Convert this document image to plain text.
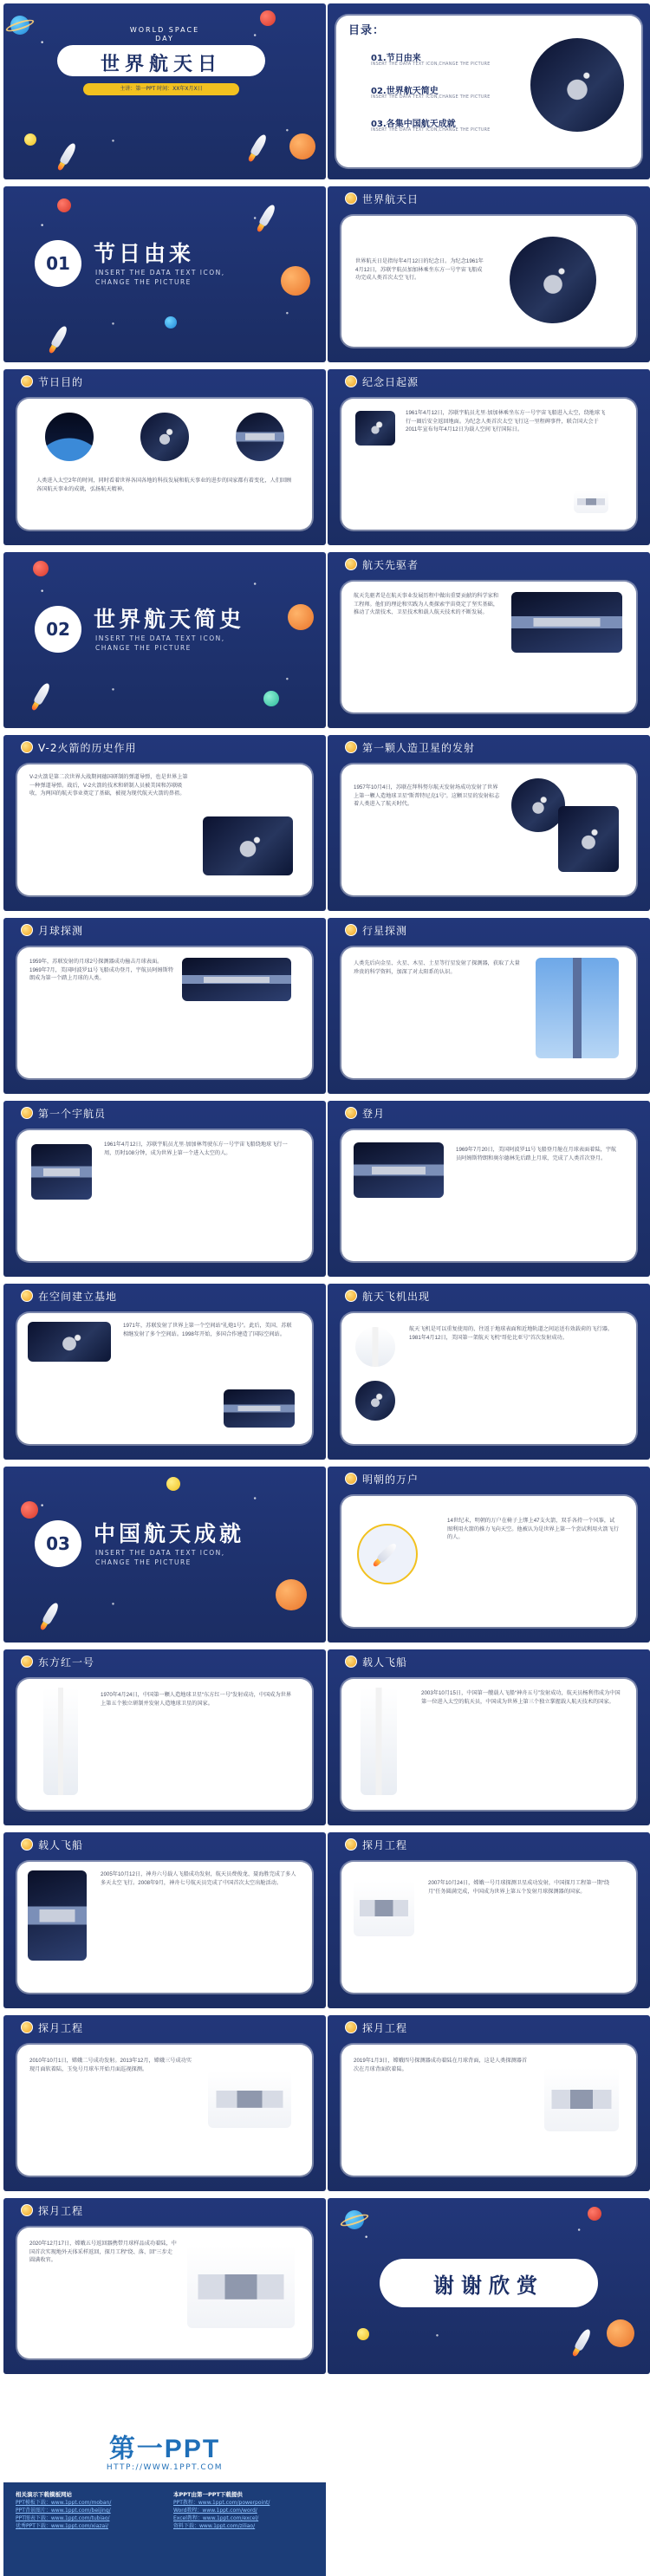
WORLD SPACE
DAY
世界航天日
主讲：第一PPT 时间：XX年X月X日
目录：
01.节日由来
INSERT THE DATA TEXT ICON,CHANGE THE PICTURE
02.世界航天简史
INSERT THE DATA TEXT ICON,CHANGE THE PICTURE
03.各集中国航天成就
INSERT THE DATA TEXT ICON,CHANGE THE PICTURE
01	节日由来
INSERT THE DATA TEXT ICON, CHANGE THE PICTURE
世界航天日
世界航天日是指每年4月12日的纪念日。为纪念1961年4月12日，苏联宇航员加加林乘坐东方一号宇宙飞船成功完成人类首次太空飞行。
节日目的
人类进入太空2年的时间，同时看着世界各国各地的科技发展和航天事业的进步的国家都有着变化，人们回顾各国航天事业的成就，弘扬航天精神。
纪念日起源
1961年4月12日，苏联宇航员尤里·加加林乘坐东方一号宇宙飞船进入太空，绕地球飞行一圈后安全返回地面。为纪念人类首次太空飞行这一里程碑事件，联合国大会于2011年宣布每年4月12日为载人空间飞行国际日。
02	世界航天简史
INSERT THE DATA TEXT ICON, CHANGE THE PICTURE
航天先驱者
航天先驱者是在航天事业发展历程中做出重要贡献的科学家和工程师。他们的理论和实践为人类探索宇宙奠定了坚实基础，推动了火箭技术、卫星技术和载人航天技术的不断发展。
V-2火箭的历史作用
V-2火箭是第二次世界大战期间德国研制的弹道导弹，也是世界上第一种弹道导弹。战后，V-2火箭的技术和研制人员被美国和苏联吸收，为两国的航天事业奠定了基础，被视为现代航天火箭的鼻祖。
第一颗人造卫星的发射
1957年10月4日，苏联在拜科努尔航天发射场成功发射了世界上第一颗人造地球卫星“斯普特尼克1号”。这颗卫星的发射标志着人类进入了航天时代。
月球探测
1959年，苏联发射的月球2号探测器成功撞击月球表面。1969年7月，美国阿波罗11号飞船成功登月，宇航员阿姆斯特朗成为第一个踏上月球的人类。
行星探测
人类先后向金星、火星、木星、土星等行星发射了探测器，获取了大量珍贵的科学资料，加深了对太阳系的认识。
第一个宇航员
1961年4月12日，苏联宇航员尤里·加加林驾驶东方一号宇宙飞船绕地球飞行一周，历时108分钟，成为世界上第一个进入太空的人。
登月
1969年7月20日，美国阿波罗11号飞船登月舱在月球表面着陆，宇航员阿姆斯特朗和奥尔德林先后踏上月球，完成了人类首次登月。
在空间建立基地
1971年，苏联发射了世界上第一个空间站“礼炮1号”。此后，美国、苏联相继发射了多个空间站。1998年开始，多国合作建造了国际空间站。
航天飞机出现
航天飞机是可以重复使用的、往返于地球表面和近地轨道之间运送有效载荷的飞行器。1981年4月12日，美国第一架航天飞机“哥伦比亚号”首次发射成功。
03	中国航天成就
INSERT THE DATA TEXT ICON, CHANGE THE PICTURE
明朝的万户
14世纪末，明朝的万户在椅子上绑上47支火箭，双手各持一个风筝，试图利用火箭的推力飞向天空。他被认为是世界上第一个尝试利用火箭飞行的人。
东方红一号
1970年4月24日，中国第一颗人造地球卫星“东方红一号”发射成功，中国成为世界上第五个独立研制并发射人造地球卫星的国家。
载人飞船
2003年10月15日，中国第一艘载人飞船“神舟五号”发射成功，航天员杨利伟成为中国第一位进入太空的航天员，中国成为世界上第三个独立掌握载人航天技术的国家。
载人飞船
2005年10月12日，神舟六号载人飞船成功发射，航天员费俊龙、聂海胜完成了多人多天太空飞行。2008年9月，神舟七号航天员完成了中国首次太空出舱活动。
探月工程
2007年10月24日，嫦娥一号月球探测卫星成功发射，中国探月工程第一期“绕月”任务圆满完成，中国成为世界上第五个发射月球探测器的国家。
探月工程
2010年10月1日，嫦娥二号成功发射。2013年12月，嫦娥三号成功实现月面软着陆，玉兔号月球车开始月面巡视探测。
探月工程
2019年1月3日，嫦娥四号探测器成功着陆在月球背面，这是人类探测器首次在月球背面软着陆。
探月工程
2020年12月17日，嫦娥五号返回器携带月球样品成功着陆，中国首次实现地外天体采样返回，探月工程“绕、落、回”三步走圆满收官。
谢谢欣赏
第一PPT
HTTP://WWW.1PPT.COM
相关演示下载模板网站
PPT模板下载：www.1ppt.com/moban/
PPT背景图片：www.1ppt.com/beijing/
PPT图表下载：www.1ppt.com/tubiao/
优秀PPT下载：www.1ppt.com/xiazai/
本PPT由第一PPT下载提供
PPT教程：www.1ppt.com/powerpoint/
Word教程：www.1ppt.com/word/
Excel教程：www.1ppt.com/excel/
资料下载：www.1ppt.com/ziliao/
